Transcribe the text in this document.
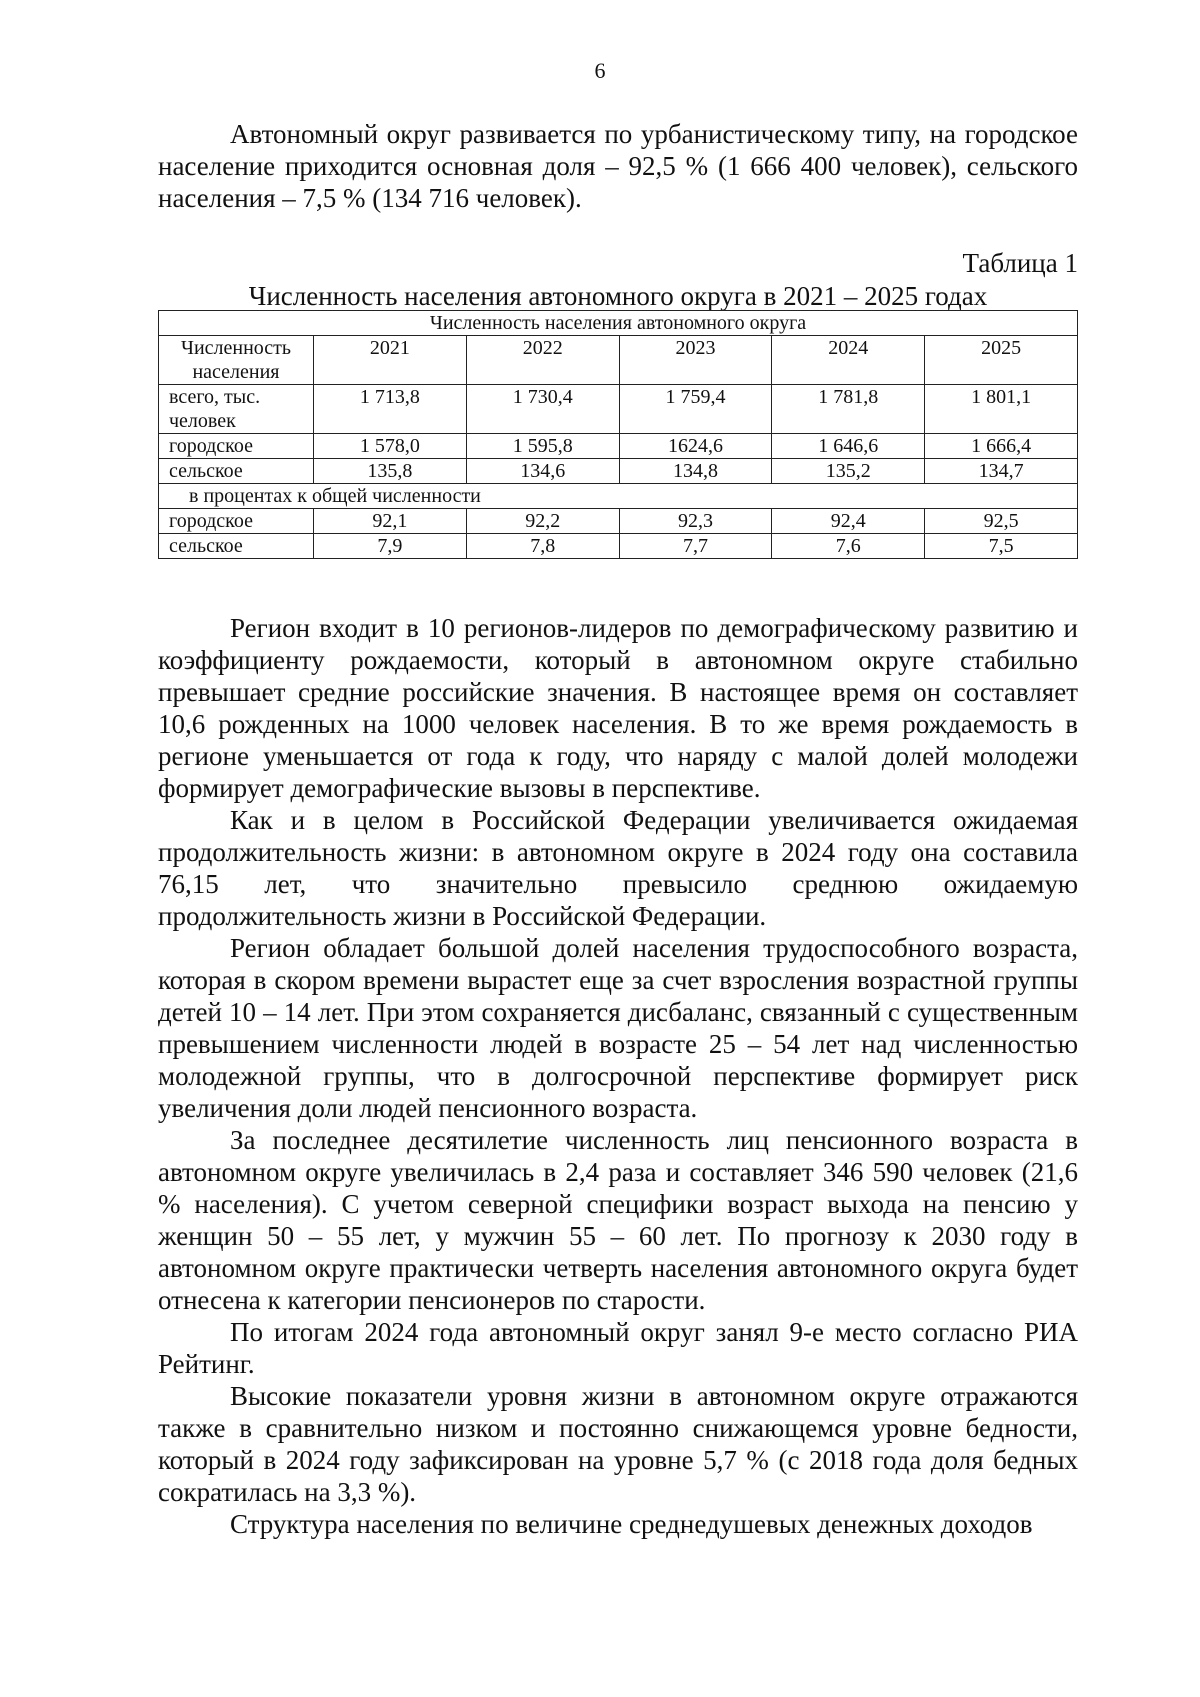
6

Автономный округ развивается по урбанистическому типу, на городское население приходится основная доля – 92,5 % (1 666 400 человек), сельского населения – 7,5 % (134 716 человек).

Таблица 1
Численность населения автономного округа в 2021 – 2025 годах
Численность населения автономного округа					
Численность населения	2021	2022	2023	2024	2025
всего, тыс. человек	1 713,8	1 730,4	1 759,4	1 781,8	1 801,1
городское	1 578,0	1 595,8	1624,6	1 646,6	1 666,4
сельское	135,8	134,6	134,8	135,2	134,7
в процентах к общей численности					
городское	92,1	92,2	92,3	92,4	92,5
сельское	7,9	7,8	7,7	7,6	7,5

Регион входит в 10 регионов-лидеров по демографическому развитию и коэффициенту рождаемости, который в автономном округе стабильно превышает средние российские значения. В настоящее время он составляет 10,6 рожденных на 1000 человек населения. В то же время рождаемость в регионе уменьшается от года к году, что наряду с малой долей молодежи формирует демографические вызовы в перспективе.

Как и в целом в Российской Федерации увеличивается ожидаемая продолжительность жизни: в автономном округе в 2024 году она составила 76,15 лет, что значительно превысило среднюю ожидаемую продолжительность жизни в Российской Федерации.

Регион обладает большой долей населения трудоспособного возраста, которая в скором времени вырастет еще за счет взросления возрастной группы детей 10 – 14 лет. При этом сохраняется дисбаланс, связанный с существенным превышением численности людей в возрасте 25 – 54 лет над численностью молодежной группы, что в долгосрочной перспективе формирует риск увеличения доли людей пенсионного возраста.

За последнее десятилетие численность лиц пенсионного возраста в автономном округе увеличилась в 2,4 раза и составляет 346 590 человек (21,6 % населения). С учетом северной специфики возраст выхода на пенсию у женщин 50 – 55 лет, у мужчин 55 – 60 лет. По прогнозу к 2030 году в автономном округе практически четверть населения автономного округа будет отнесена к категории пенсионеров по старости.

По итогам 2024 года автономный округ занял 9-е место согласно РИА Рейтинг.

Высокие показатели уровня жизни в автономном округе отражаются также в сравнительно низком и постоянно снижающемся уровне бедности, который в 2024 году зафиксирован на уровне 5,7 % (с 2018 года доля бедных сократилась на 3,3 %).

Структура населения по величине среднедушевых денежных доходов
